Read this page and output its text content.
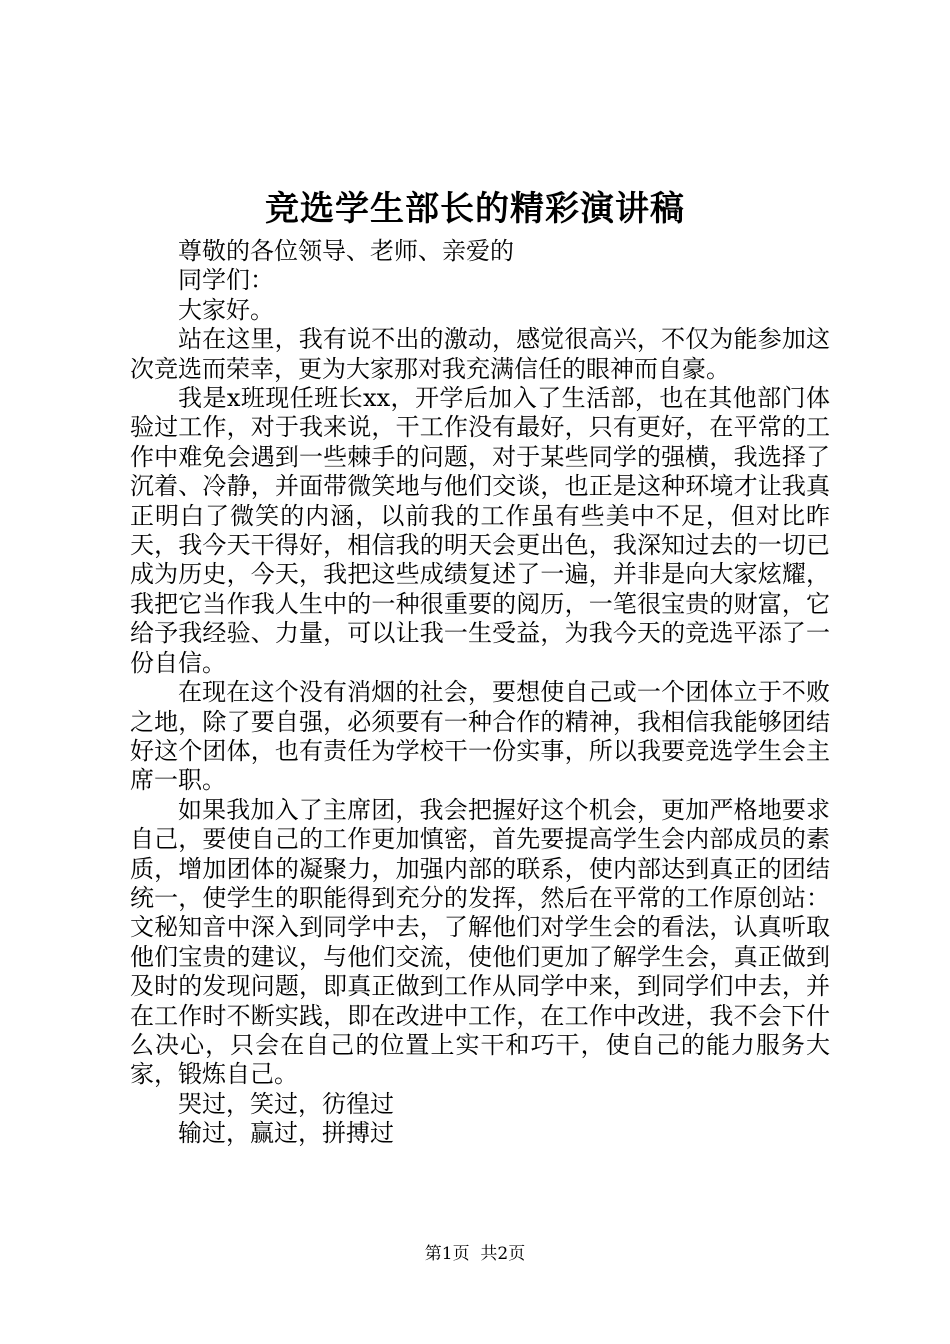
竞选学生部长的精彩演讲稿

尊敬的各位领导、老师、亲爱的

同学们：

大家好。

站在这里，我有说不出的激动，感觉很高兴，不仅为能参加这次竞选而荣幸，更为大家那对我充满信任的眼神而自豪。

我是x班现任班长xx，开学后加入了生活部，也在其他部门体验过工作，对于我来说，干工作没有最好，只有更好，在平常的工作中难免会遇到一些棘手的问题，对于某些同学的强横，我选择了沉着、冷静，并面带微笑地与他们交谈，也正是这种环境才让我真正明白了微笑的内涵，以前我的工作虽有些美中不足，但对比昨天，我今天干得好，相信我的明天会更出色，我深知过去的一切已成为历史，今天，我把这些成绩复述了一遍，并非是向大家炫耀，我把它当作我人生中的一种很重要的阅历，一笔很宝贵的财富，它给予我经验、力量，可以让我一生受益，为我今天的竞选平添了一份自信。

在现在这个没有消烟的社会，要想使自己或一个团体立于不败之地，除了要自强，必须要有一种合作的精神，我相信我能够团结好这个团体，也有责任为学校干一份实事，所以我要竞选学生会主席一职。

如果我加入了主席团，我会把握好这个机会，更加严格地要求自己，要使自己的工作更加慎密，首先要提高学生会内部成员的素质，增加团体的凝聚力，加强内部的联系，使内部达到真正的团结统一，使学生的职能得到充分的发挥，然后在平常的工作原创站：文秘知音中深入到同学中去，了解他们对学生会的看法，认真听取他们宝贵的建议，与他们交流，使他们更加了解学生会，真正做到及时的发现问题，即真正做到工作从同学中来，到同学们中去，并在工作时不断实践，即在改进中工作，在工作中改进，我不会下什么决心，只会在自己的位置上实干和巧干，使自己的能力服务大家，锻炼自己。

哭过，笑过，彷徨过

输过，赢过，拼搏过

第1页  共2页
